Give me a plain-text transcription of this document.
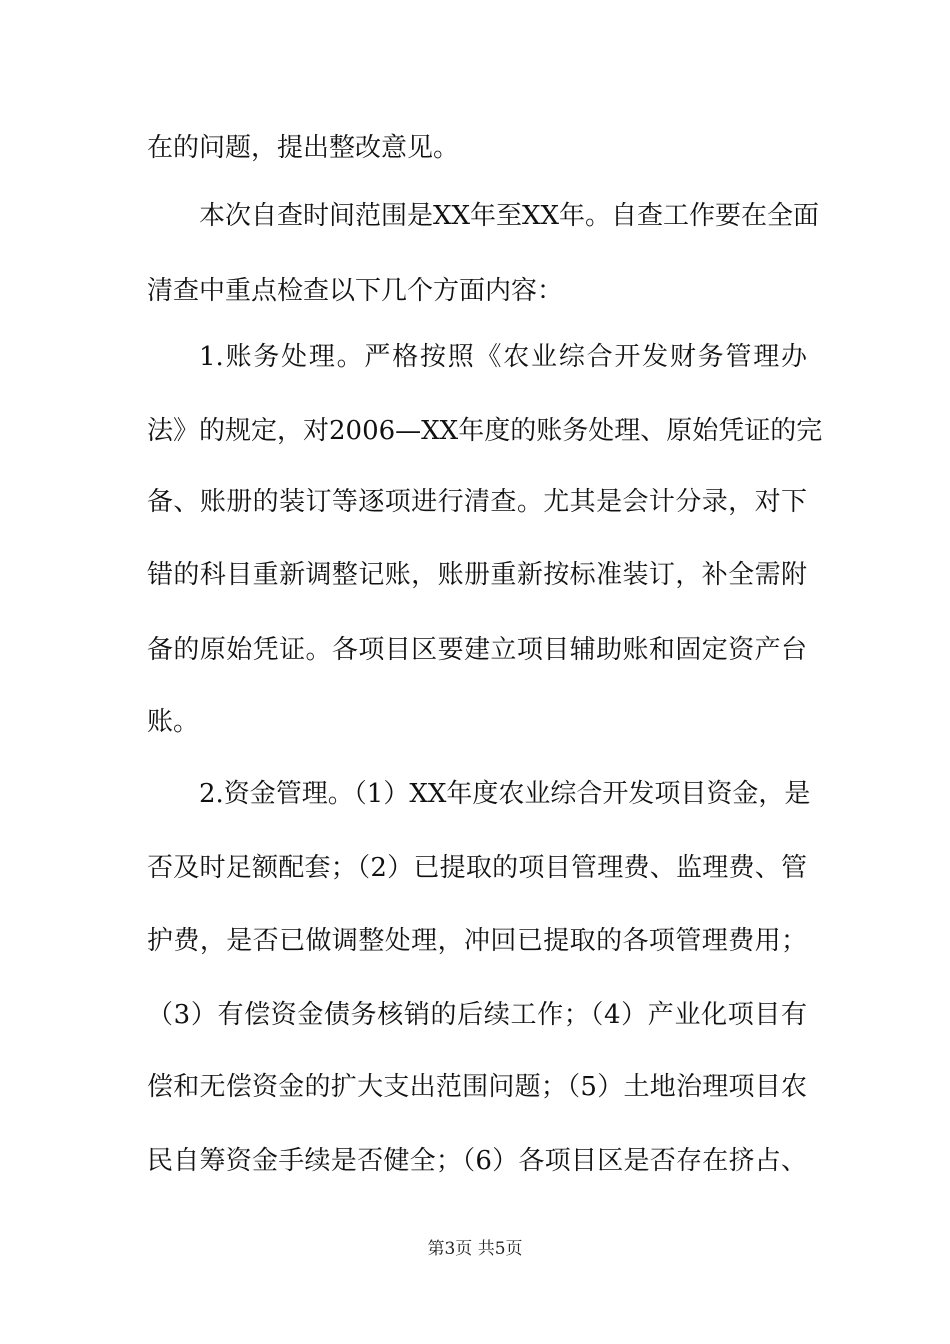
在的问题，提出整改意见。
本次自查时间范围是XX年至XX年。自查工作要在全面
清查中重点检查以下几个方面内容：
1.账务处理。严格按照《农业综合开发财务管理办
法》的规定，对2006—XX年度的账务处理、原始凭证的完
备、账册的装订等逐项进行清查。尤其是会计分录，对下
错的科目重新调整记账，账册重新按标准装订，补全需附
备的原始凭证。各项目区要建立项目辅助账和固定资产台
账。
2.资金管理。（1）XX年度农业综合开发项目资金，是
否及时足额配套；（2）已提取的项目管理费、监理费、管
护费，是否已做调整处理，冲回已提取的各项管理费用；
（3）有偿资金债务核销的后续工作；（4）产业化项目有
偿和无偿资金的扩大支出范围问题；（5）土地治理项目农
民自筹资金手续是否健全；（6）各项目区是否存在挤占、
第3页 共5页
